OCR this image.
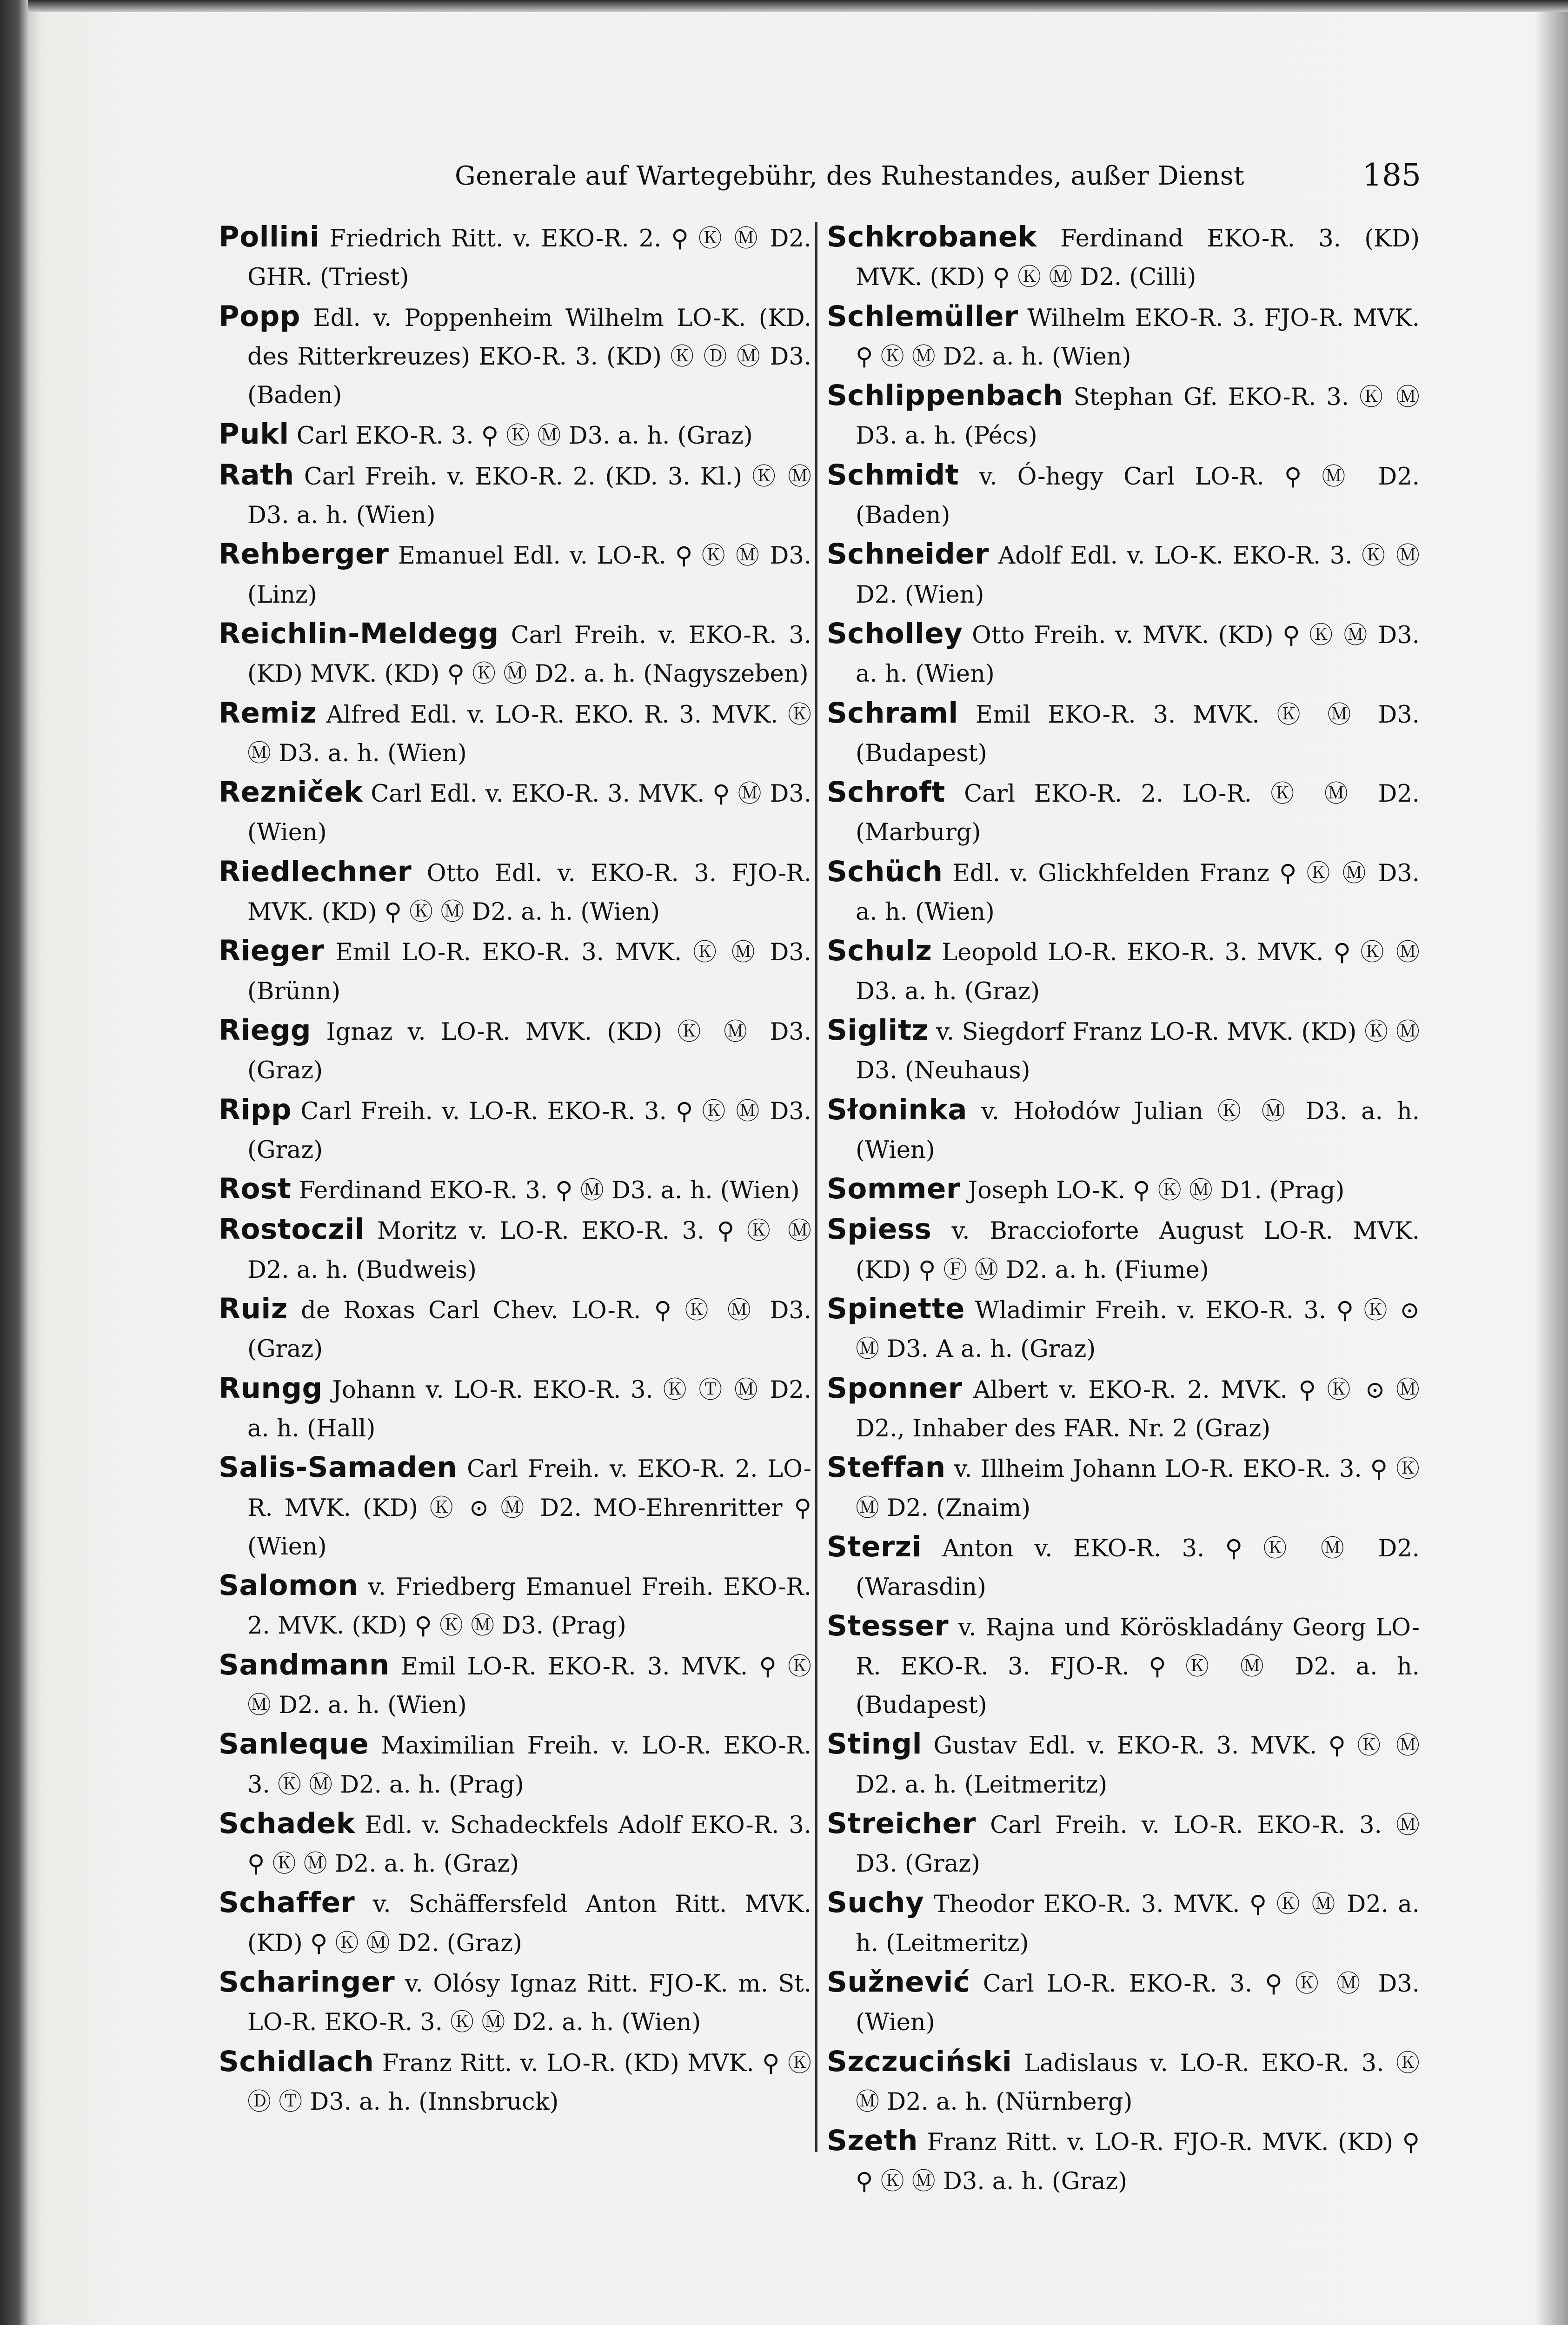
Generale auf Wartegebühr, des Ruhestandes, außer Dienst	185
Pollini Friedrich Ritt. v. EKO-R. 2. ⚲ Ⓚ Ⓜ D2. GHR. (Triest)
Popp Edl. v. Poppenheim Wilhelm LO-K. (KD. des Ritterkreuzes) EKO-R. 3. (KD) Ⓚ Ⓓ Ⓜ D3. (Baden)
Pukl Carl EKO-R. 3. ⚲ Ⓚ Ⓜ D3. a. h. (Graz)
Rath Carl Freih. v. EKO-R. 2. (KD. 3. Kl.) Ⓚ Ⓜ D3. a. h. (Wien)
Rehberger Emanuel Edl. v. LO-R. ⚲ Ⓚ Ⓜ D3. (Linz)
Reichlin-Meldegg Carl Freih. v. EKO-R. 3. (KD) MVK. (KD) ⚲ Ⓚ Ⓜ D2. a. h. (Nagyszeben)
Remiz Alfred Edl. v. LO-R. EKO. R. 3. MVK. Ⓚ Ⓜ D3. a. h. (Wien)
Rezniček Carl Edl. v. EKO-R. 3. MVK. ⚲ Ⓜ D3. (Wien)
Riedlechner Otto Edl. v. EKO-R. 3. FJO-R. MVK. (KD) ⚲ Ⓚ Ⓜ D2. a. h. (Wien)
Rieger Emil LO-R. EKO-R. 3. MVK. Ⓚ Ⓜ D3. (Brünn)
Riegg Ignaz v. LO-R. MVK. (KD) Ⓚ Ⓜ D3. (Graz)
Ripp Carl Freih. v. LO-R. EKO-R. 3. ⚲ Ⓚ Ⓜ D3. (Graz)
Rost Ferdinand EKO-R. 3. ⚲ Ⓜ D3. a. h. (Wien)
Rostoczil Moritz v. LO-R. EKO-R. 3. ⚲ Ⓚ Ⓜ D2. a. h. (Budweis)
Ruiz de Roxas Carl Chev. LO-R. ⚲ Ⓚ Ⓜ D3. (Graz)
Rungg Johann v. LO-R. EKO-R. 3. Ⓚ Ⓣ Ⓜ D2. a. h. (Hall)
Salis-Samaden Carl Freih. v. EKO-R. 2. LO-R. MVK. (KD) Ⓚ ⊙ Ⓜ D2. MO-Ehrenritter ⚲ (Wien)
Salomon v. Friedberg Emanuel Freih. EKO-R. 2. MVK. (KD) ⚲ Ⓚ Ⓜ D3. (Prag)
Sandmann Emil LO-R. EKO-R. 3. MVK. ⚲ Ⓚ Ⓜ D2. a. h. (Wien)
Sanleque Maximilian Freih. v. LO-R. EKO-R. 3. Ⓚ Ⓜ D2. a. h. (Prag)
Schadek Edl. v. Schadeckfels Adolf EKO-R. 3. ⚲ Ⓚ Ⓜ D2. a. h. (Graz)
Schaffer v. Schäffersfeld Anton Ritt. MVK. (KD) ⚲ Ⓚ Ⓜ D2. (Graz)
Scharinger v. Olósy Ignaz Ritt. FJO-K. m. St. LO-R. EKO-R. 3. Ⓚ Ⓜ D2. a. h. (Wien)
Schidlach Franz Ritt. v. LO-R. (KD) MVK. ⚲ Ⓚ Ⓓ Ⓣ D3. a. h. (Innsbruck)
Schkrobanek Ferdinand EKO-R. 3. (KD) MVK. (KD) ⚲ Ⓚ Ⓜ D2. (Cilli)
Schlemüller Wilhelm EKO-R. 3. FJO-R. MVK. ⚲ Ⓚ Ⓜ D2. a. h. (Wien)
Schlippenbach Stephan Gf. EKO-R. 3. Ⓚ Ⓜ D3. a. h. (Pécs)
Schmidt v. Ó-hegy Carl LO-R. ⚲ Ⓜ D2. (Baden)
Schneider Adolf Edl. v. LO-K. EKO-R. 3. Ⓚ Ⓜ D2. (Wien)
Scholley Otto Freih. v. MVK. (KD) ⚲ Ⓚ Ⓜ D3. a. h. (Wien)
Schraml Emil EKO-R. 3. MVK. Ⓚ Ⓜ D3. (Budapest)
Schroft Carl EKO-R. 2. LO-R. Ⓚ Ⓜ D2. (Marburg)
Schüch Edl. v. Glickhfelden Franz ⚲ Ⓚ Ⓜ D3. a. h. (Wien)
Schulz Leopold LO-R. EKO-R. 3. MVK. ⚲ Ⓚ Ⓜ D3. a. h. (Graz)
Siglitz v. Siegdorf Franz LO-R. MVK. (KD) Ⓚ Ⓜ D3. (Neuhaus)
Słoninka v. Hołodów Julian Ⓚ Ⓜ D3. a. h. (Wien)
Sommer Joseph LO-K. ⚲ Ⓚ Ⓜ D1. (Prag)
Spiess v. Braccioforte August LO-R. MVK. (KD) ⚲ Ⓕ Ⓜ D2. a. h. (Fiume)
Spinette Wladimir Freih. v. EKO-R. 3. ⚲ Ⓚ ⊙ Ⓜ D3. A a. h. (Graz)
Sponner Albert v. EKO-R. 2. MVK. ⚲ Ⓚ ⊙ Ⓜ D2., Inhaber des FAR. Nr. 2 (Graz)
Steffan v. Illheim Johann LO-R. EKO-R. 3. ⚲ Ⓚ Ⓜ D2. (Znaim)
Sterzi Anton v. EKO-R. 3. ⚲ Ⓚ Ⓜ D2. (Warasdin)
Stesser v. Rajna und Köröskladány Georg LO-R. EKO-R. 3. FJO-R. ⚲ Ⓚ Ⓜ D2. a. h. (Budapest)
Stingl Gustav Edl. v. EKO-R. 3. MVK. ⚲ Ⓚ Ⓜ D2. a. h. (Leitmeritz)
Streicher Carl Freih. v. LO-R. EKO-R. 3. Ⓜ D3. (Graz)
Suchy Theodor EKO-R. 3. MVK. ⚲ Ⓚ Ⓜ D2. a. h. (Leitmeritz)
Sužnević Carl LO-R. EKO-R. 3. ⚲ Ⓚ Ⓜ D3. (Wien)
Szczuciński Ladislaus v. LO-R. EKO-R. 3. Ⓚ Ⓜ D2. a. h. (Nürnberg)
Szeth Franz Ritt. v. LO-R. FJO-R. MVK. (KD) ⚲ ⚲ Ⓚ Ⓜ D3. a. h. (Graz)
